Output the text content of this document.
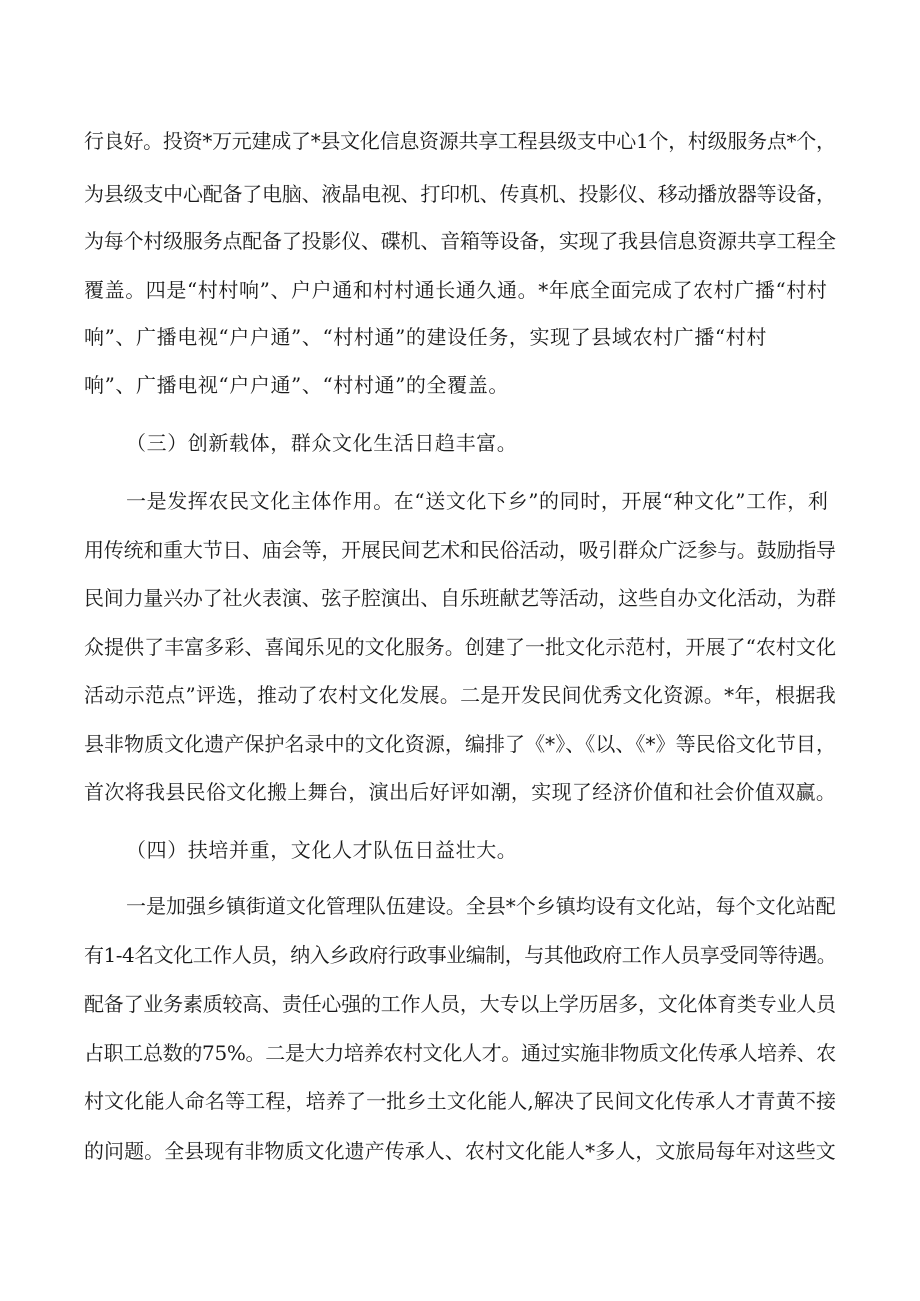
行良好。投资*万元建成了*县文化信息资源共享工程县级支中心1个，村级服务点*个，
为县级支中心配备了电脑、液晶电视、打印机、传真机、投影仪、移动播放器等设备，
为每个村级服务点配备了投影仪、碟机、音箱等设备，实现了我县信息资源共享工程全
覆盖。四是“村村响”、户户通和村村通长通久通。*年底全面完成了农村广播“村村
响”、广播电视“户户通”、“村村通”的建设任务，实现了县域农村广播“村村
响”、广播电视“户户通”、“村村通”的全覆盖。
（三）创新载体，群众文化生活日趋丰富。
一是发挥农民文化主体作用。在“送文化下乡”的同时，开展“种文化”工作，利
用传统和重大节日、庙会等，开展民间艺术和民俗活动，吸引群众广泛参与。鼓励指导
民间力量兴办了社火表演、弦子腔演出、自乐班献艺等活动，这些自办文化活动，为群
众提供了丰富多彩、喜闻乐见的文化服务。创建了一批文化示范村，开展了“农村文化
活动示范点”评选，推动了农村文化发展。二是开发民间优秀文化资源。*年，根据我
县非物质文化遗产保护名录中的文化资源，编排了《*》、《以、《*》等民俗文化节目，
首次将我县民俗文化搬上舞台，演出后好评如潮，实现了经济价值和社会价值双赢。
（四）扶培并重，文化人才队伍日益壮大。
一是加强乡镇街道文化管理队伍建设。全县*个乡镇均设有文化站，每个文化站配
有1-4名文化工作人员，纳入乡政府行政事业编制，与其他政府工作人员享受同等待遇。
配备了业务素质较高、责任心强的工作人员，大专以上学历居多，文化体育类专业人员
占职工总数的75%。二是大力培养农村文化人才。通过实施非物质文化传承人培养、农
村文化能人命名等工程，培养了一批乡土文化能人,解决了民间文化传承人才青黄不接
的问题。全县现有非物质文化遗产传承人、农村文化能人*多人，文旅局每年对这些文
